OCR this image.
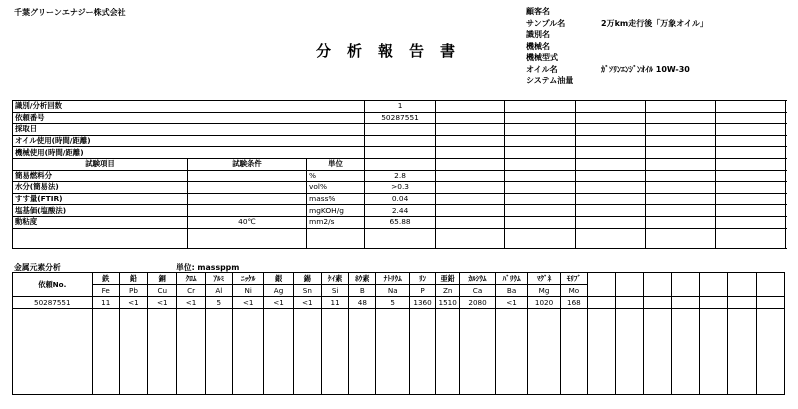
千葉グリーンエナジー株式会社
分析報告書
顧客名
サンプル名	2万km走行後「万象オイル」
識別名
機械名
機械型式
オイル名	ｶﾞｿﾘﾝｴﾝｼﾞﾝｵｲﾙ 10W-30
システム油量
識別/分析回数			1					
依頼番号			50287551					
採取日								
オイル使用(時間/距離)								
機械使用(時間/距離)								
試験項目	試験条件	単位						
簡易燃料分		%	2.8					
水分(簡易法)		vol%	>0.3					
すす量(FTIR)		mass%	0.04					
塩基価(塩酸法)		mgKOH/g	2.44					
動粘度	40℃	mm2/s	65.88					

金属元素分析	単位: massppm
依頼No.	鉄	鉛	銅	ｸﾛﾑ	ｱﾙﾐ	ﾆｯｹﾙ	銀	錫	ｹｲ素	ﾎｳ素	ﾅﾄﾘｳﾑ	ﾘﾝ	亜鉛	ｶﾙｼｳﾑ	ﾊﾞﾘｳﾑ	ﾏｸﾞﾈ	ﾓﾘﾌﾞ							
	Fe	Pb	Cu	Cr	Al	Ni	Ag	Sn	Si	B	Na	P	Zn	Ca	Ba	Mg	Mo							
50287551	11	<1	<1	<1	5	<1	<1	<1	11	48	5	1360	1510	2080	<1	1020	168							
